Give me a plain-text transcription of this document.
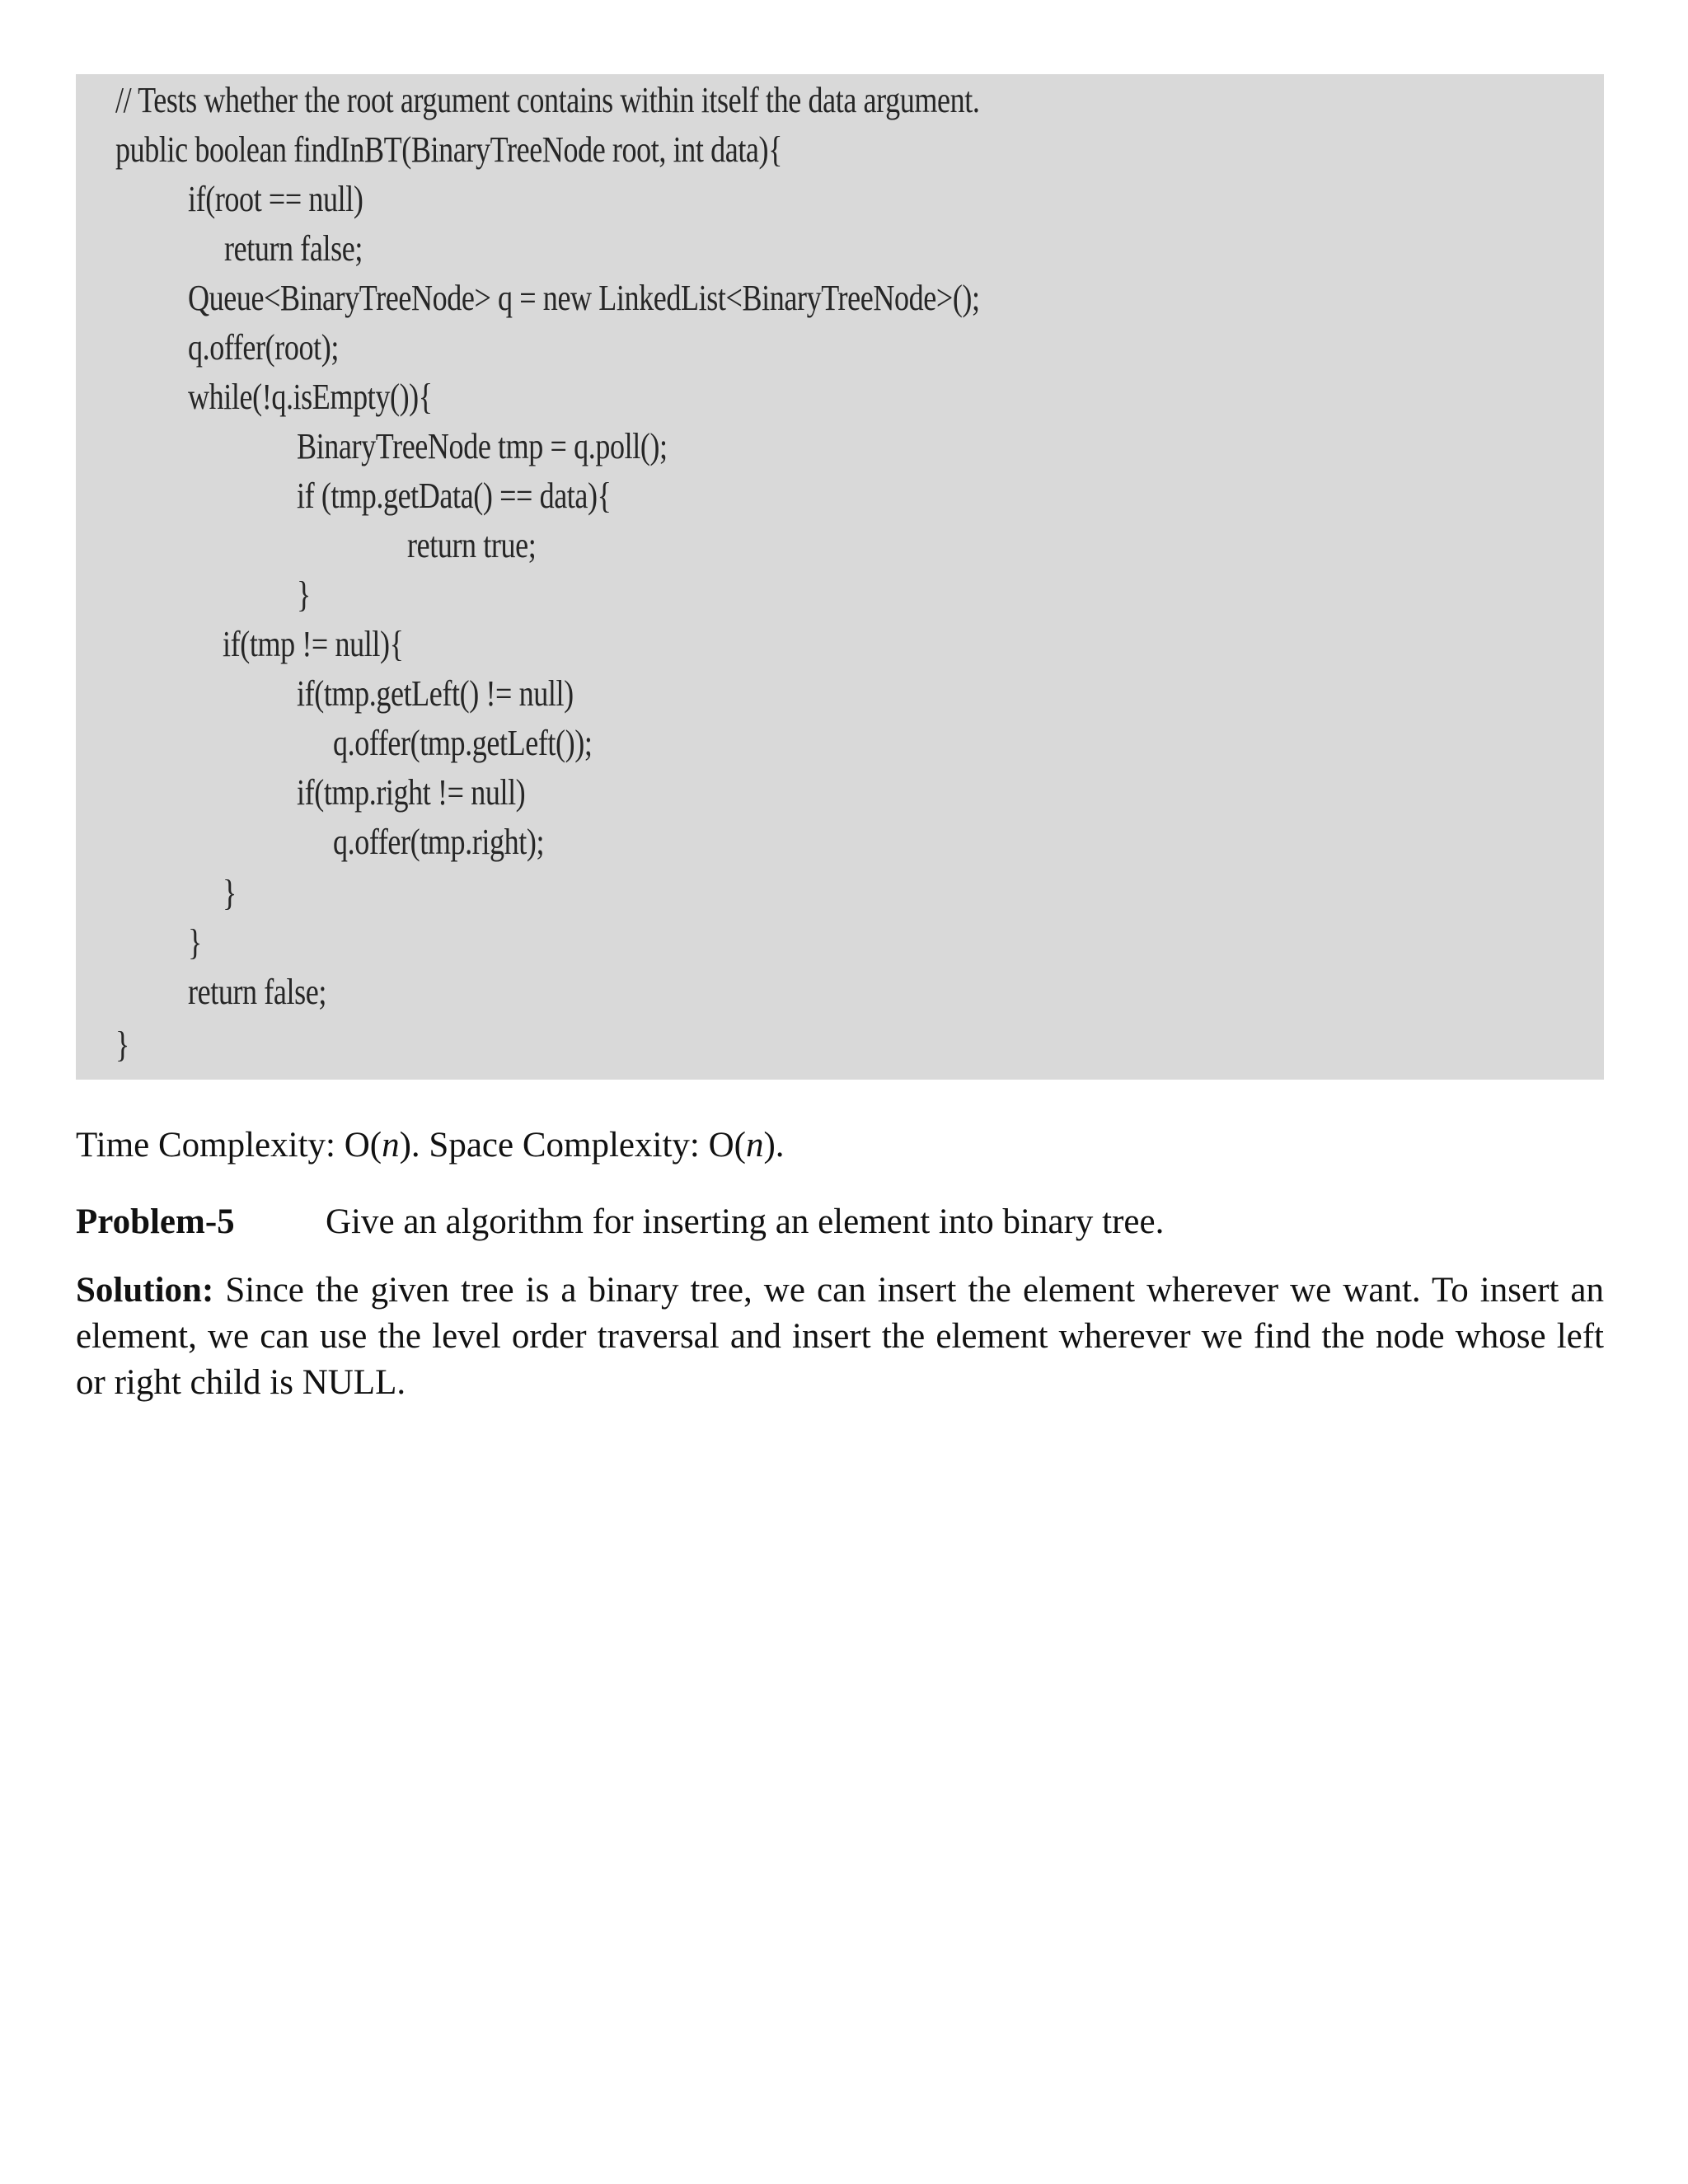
// Tests whether the root argument contains within itself the data argument.
public boolean findInBT(BinaryTreeNode root, int data){
if(root == null)
return false;
Queue<BinaryTreeNode> q = new LinkedList<BinaryTreeNode>();
q.offer(root);
while(!q.isEmpty()){
BinaryTreeNode tmp = q.poll();
if (tmp.getData() == data){
return true;
}
if(tmp != null){
if(tmp.getLeft() != null)
q.offer(tmp.getLeft());
if(tmp.right != null)
q.offer(tmp.right);
}
}
return false;
}
Time Complexity: O(n). Space Complexity: O(n).
Problem-5	Give an algorithm for inserting an element into binary tree.
Solution: Since the given tree is a binary tree, we can insert the element wherever we want. To insert an element, we can use the level order traversal and insert the element wherever we find the node whose left or right child is NULL.
